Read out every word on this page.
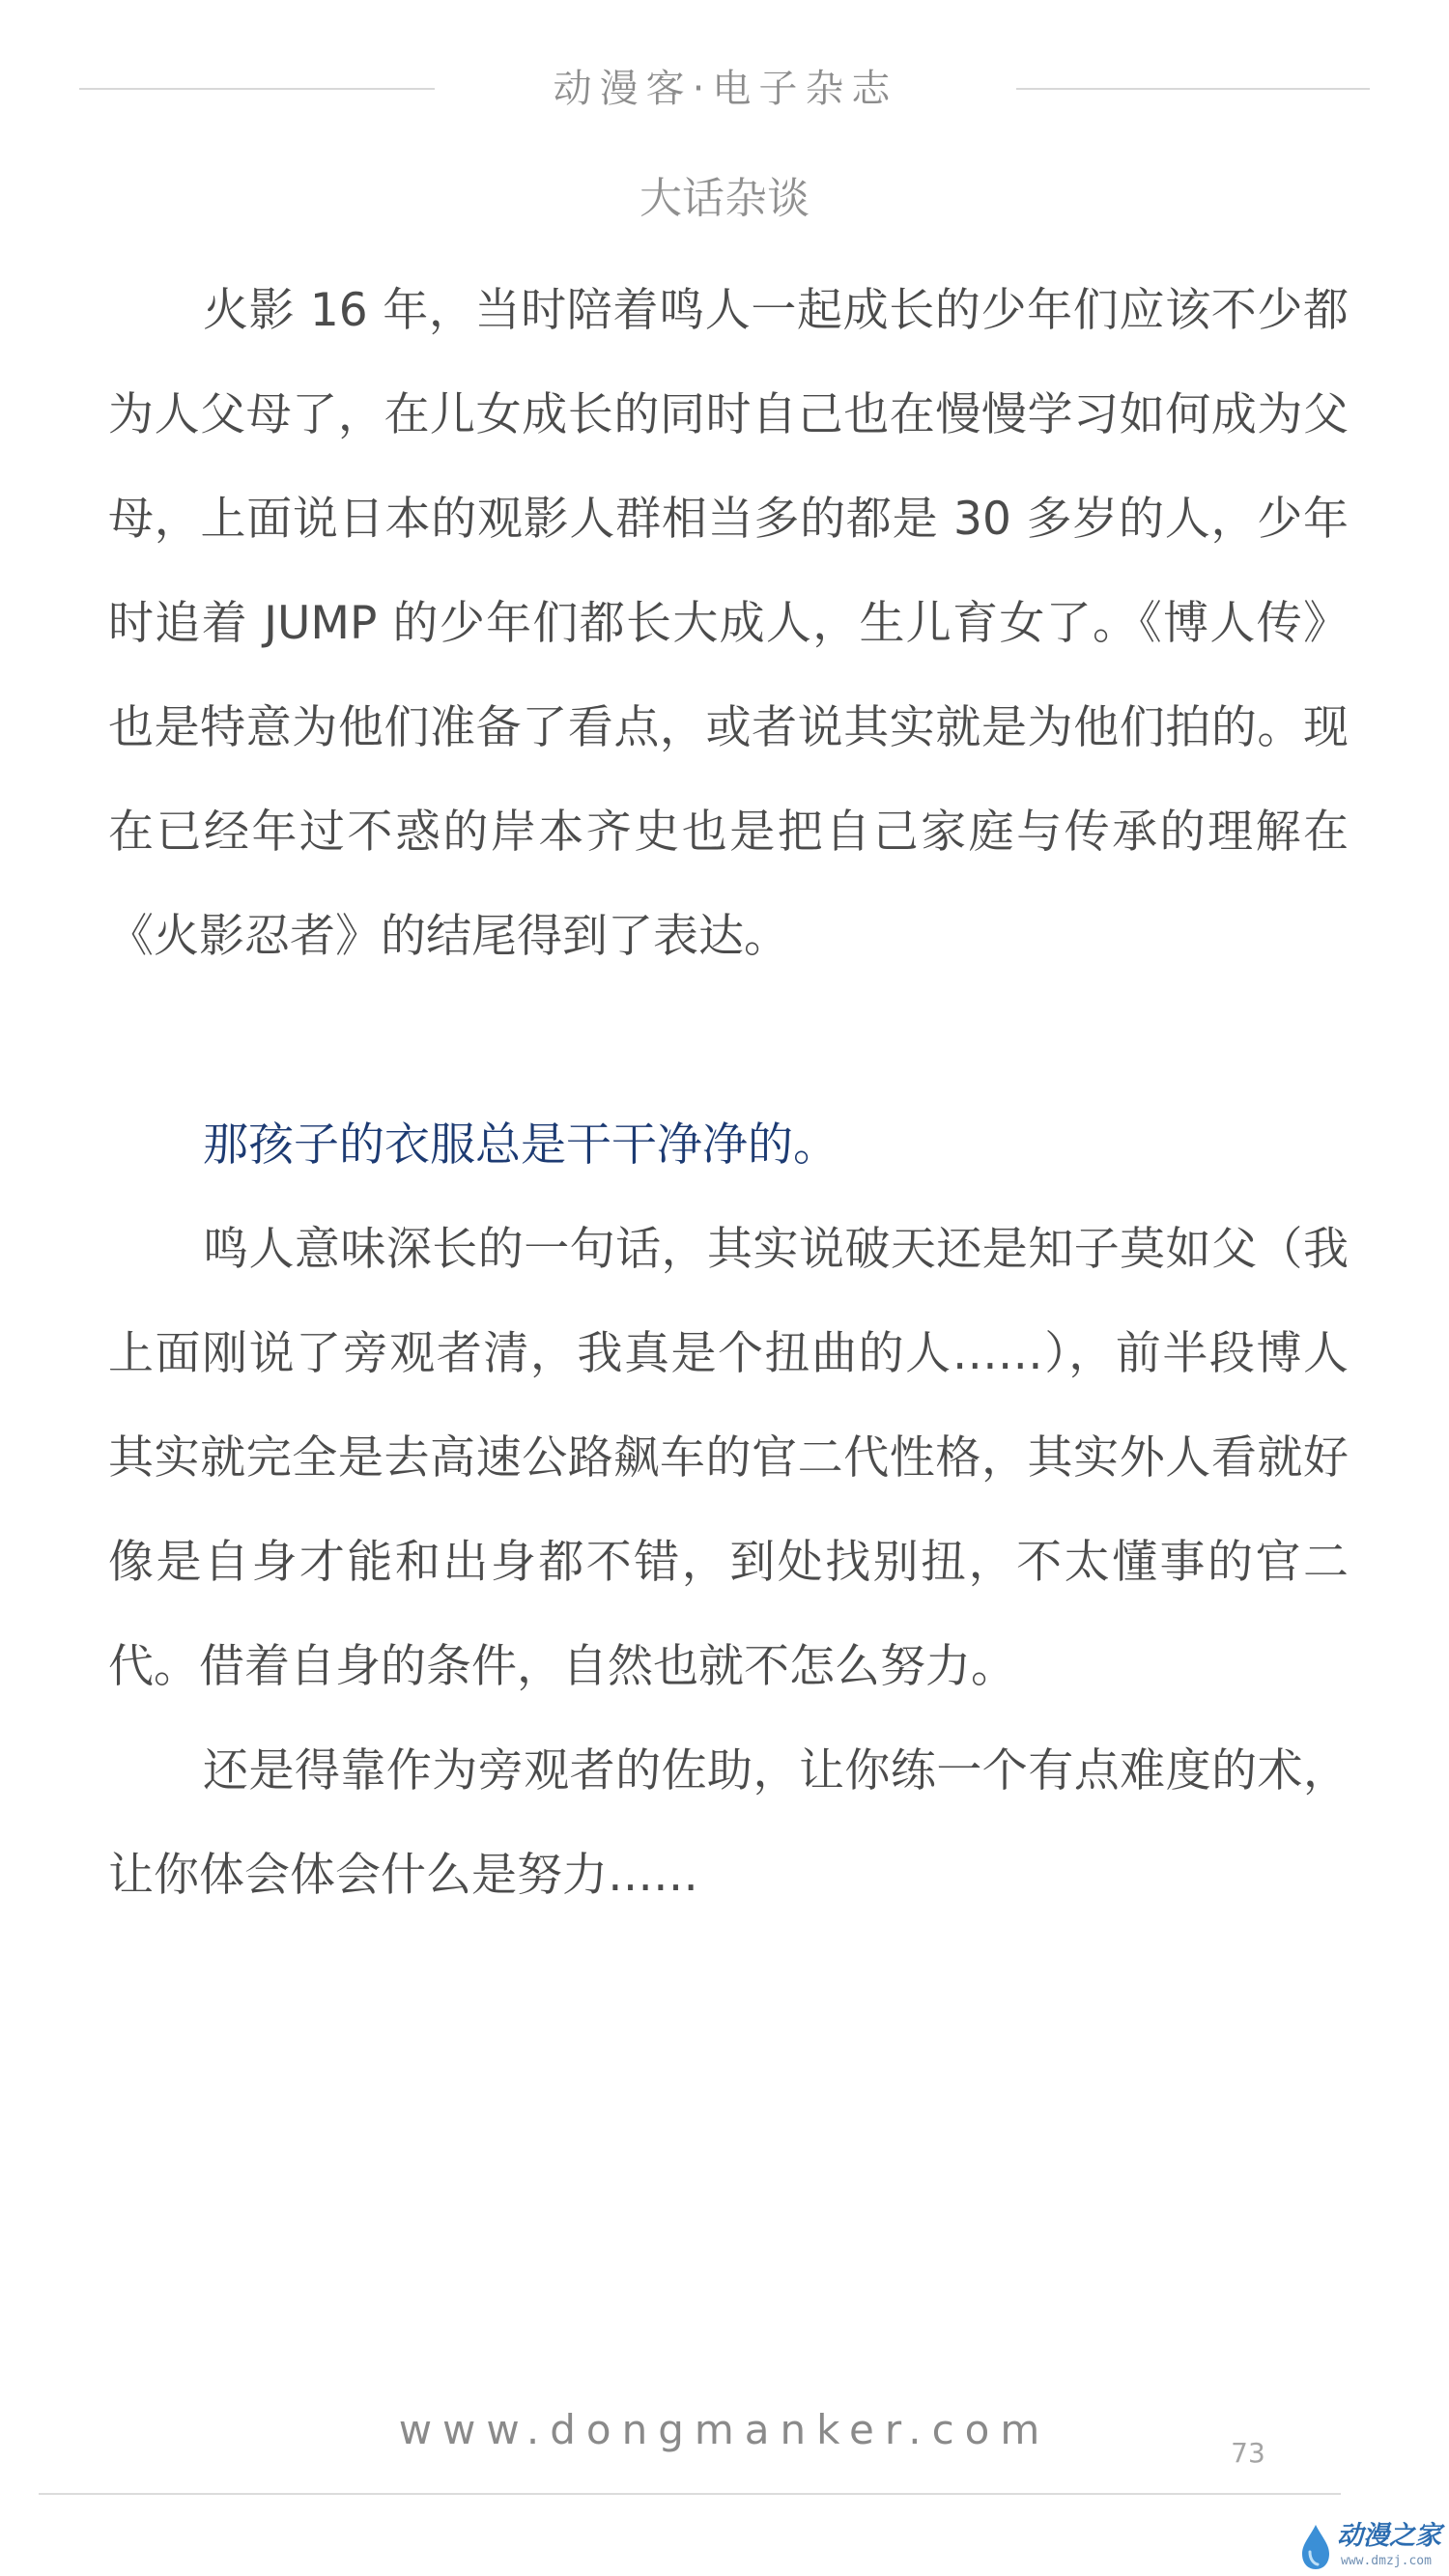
动漫客·电子杂志
大话杂谈

火影 16 年，当时陪着鸣人一起成长的少年们应该不少都为人父母了，在儿女成长的同时自己也在慢慢学习如何成为父母，上面说日本的观影人群相当多的都是 30 多岁的人，少年时追着 JUMP 的少年们都长大成人，生儿育女了。《博人传》也是特意为他们准备了看点，或者说其实就是为他们拍的。现在已经年过不惑的岸本齐史也是把自己家庭与传承的理解在《火影忍者》的结尾得到了表达。

那孩子的衣服总是干干净净的。

鸣人意味深长的一句话，其实说破天还是知子莫如父（我上面刚说了旁观者清，我真是个扭曲的人……），前半段博人其实就完全是去高速公路飙车的官二代性格，其实外人看就好像是自身才能和出身都不错，到处找别扭，不太懂事的官二代。借着自身的条件，自然也就不怎么努力。

还是得靠作为旁观者的佐助，让你练一个有点难度的术，让你体会体会什么是努力……

www.dongmanker.com	73
动漫之家
www.dmzj.com
